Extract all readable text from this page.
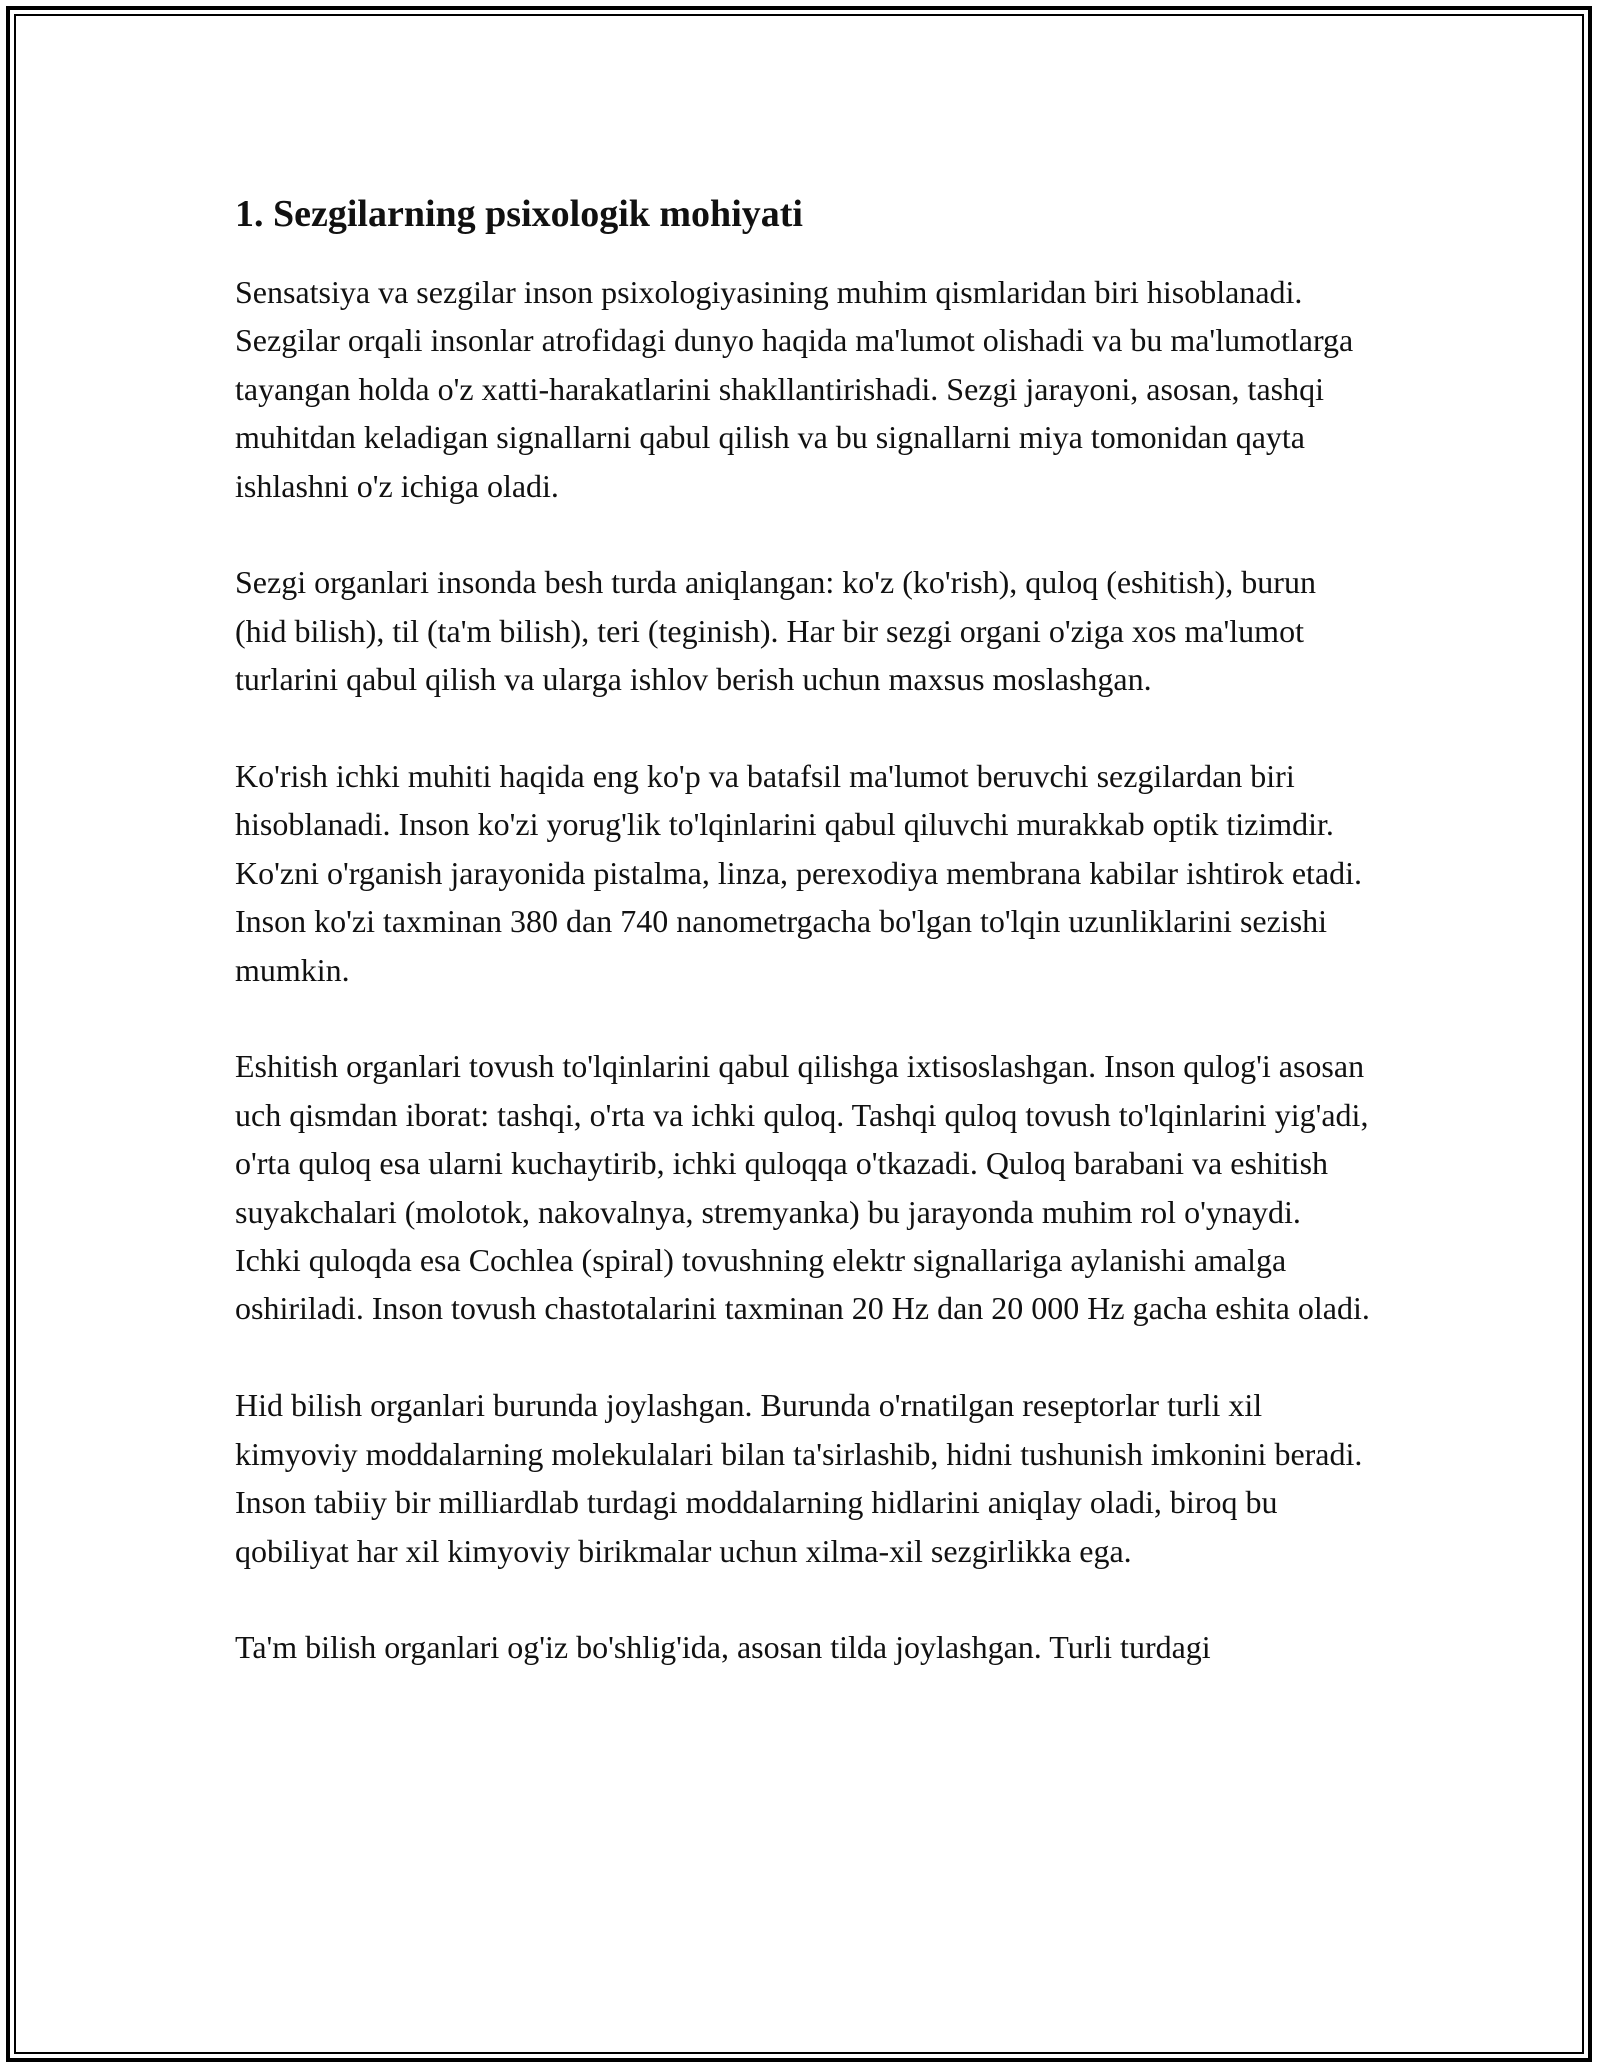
1. Sezgilarning psixologik mohiyati

Sensatsiya va sezgilar inson psixologiyasining muhim qismlaridan biri hisoblanadi. Sezgilar orqali insonlar atrofidagi dunyo haqida ma'lumot olishadi va bu ma'lumotlarga tayangan holda o'z xatti-harakatlarini shakllantirishadi. Sezgi jarayoni, asosan, tashqi muhitdan keladigan signallarni qabul qilish va bu signallarni miya tomonidan qayta ishlashni o'z ichiga oladi.

Sezgi organlari insonda besh turda aniqlangan: ko'z (ko'rish), quloq (eshitish), burun (hid bilish), til (ta'm bilish), teri (teginish). Har bir sezgi organi o'ziga xos ma'lumot turlarini qabul qilish va ularga ishlov berish uchun maxsus moslashgan.

Ko'rish ichki muhiti haqida eng ko'p va batafsil ma'lumot beruvchi sezgilardan biri hisoblanadi. Inson ko'zi yorug'lik to'lqinlarini qabul qiluvchi murakkab optik tizimdir. Ko'zni o'rganish jarayonida pistalma, linza, perexodiya membrana kabilar ishtirok etadi. Inson ko'zi taxminan 380 dan 740 nanometrgacha bo'lgan to'lqin uzunliklarini sezishi mumkin.

Eshitish organlari tovush to'lqinlarini qabul qilishga ixtisoslashgan. Inson qulog'i asosan uch qismdan iborat: tashqi, o'rta va ichki quloq. Tashqi quloq tovush to'lqinlarini yig'adi, o'rta quloq esa ularni kuchaytirib, ichki quloqqa o'tkazadi. Quloq barabani va eshitish suyakchalari (molotok, nakovalnya, stremyanka) bu jarayonda muhim rol o'ynaydi. Ichki quloqda esa Cochlea (spiral) tovushning elektr signallariga aylanishi amalga oshiriladi. Inson tovush chastotalarini taxminan 20 Hz dan 20 000 Hz gacha eshita oladi.

Hid bilish organlari burunda joylashgan. Burunda o'rnatilgan reseptorlar turli xil kimyoviy moddalarning molekulalari bilan ta'sirlashib, hidni tushunish imkonini beradi. Inson tabiiy bir milliardlab turdagi moddalarning hidlarini aniqlay oladi, biroq bu qobiliyat har xil kimyoviy birikmalar uchun xilma-xil sezgirlikka ega.

Ta'm bilish organlari og'iz bo'shlig'ida, asosan tilda joylashgan. Turli turdagi
